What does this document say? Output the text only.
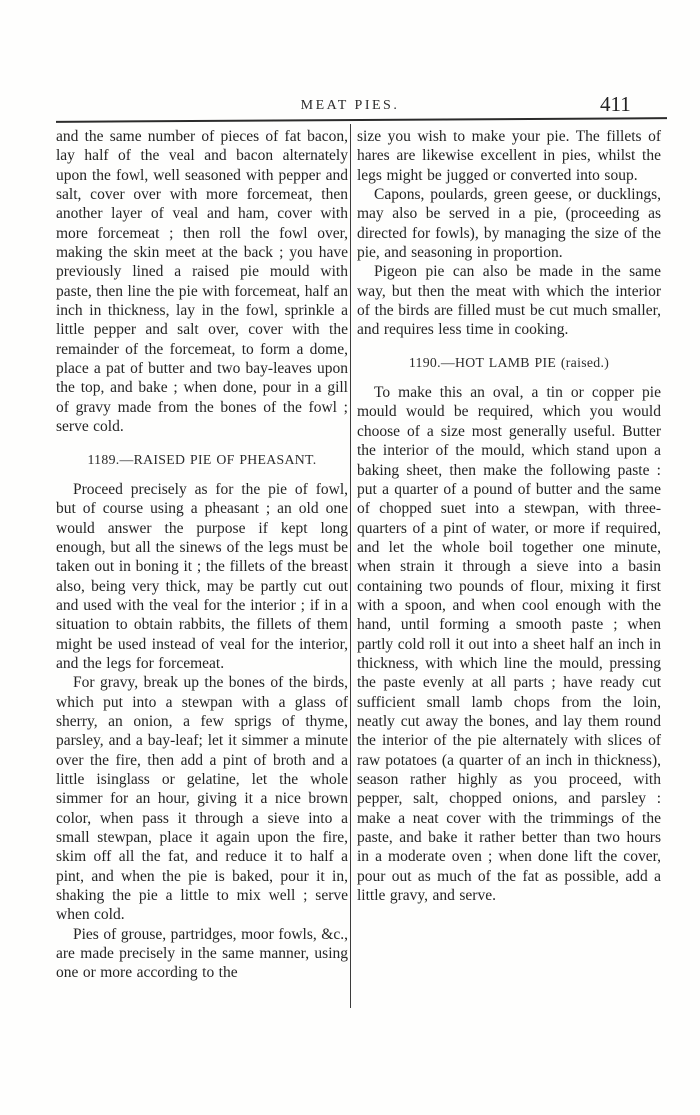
MEAT PIES.	411

and the same number of pieces of fat bacon, lay half of the veal and bacon alternately upon the fowl, well seasoned with pepper and salt, cover over with more forcemeat, then another layer of veal and ham, cover with more forcemeat ; then roll the fowl over, making the skin meet at the back ; you have previously lined a raised pie mould with paste, then line the pie with forcemeat, half an inch in thickness, lay in the fowl, sprinkle a little pepper and salt over, cover with the remainder of the forcemeat, to form a dome, place a pat of butter and two bay-leaves upon the top, and bake ; when done, pour in a gill of gravy made from the bones of the fowl ; serve cold.

1189.—RAISED PIE OF PHEASANT.

Proceed precisely as for the pie of fowl, but of course using a pheasant ; an old one would answer the purpose if kept long enough, but all the sinews of the legs must be taken out in boning it ; the fillets of the breast also, being very thick, may be partly cut out and used with the veal for the interior ; if in a situation to obtain rabbits, the fillets of them might be used instead of veal for the interior, and the legs for forcemeat.

For gravy, break up the bones of the birds, which put into a stewpan with a glass of sherry, an onion, a few sprigs of thyme, parsley, and a bay-leaf; let it simmer a minute over the fire, then add a pint of broth and a little isinglass or gelatine, let the whole simmer for an hour, giving it a nice brown color, when pass it through a sieve into a small stewpan, place it again upon the fire, skim off all the fat, and reduce it to half a pint, and when the pie is baked, pour it in, shaking the pie a little to mix well ; serve when cold.

Pies of grouse, partridges, moor fowls, &c., are made precisely in the same manner, using one or more according to the

size you wish to make your pie. The fillets of hares are likewise excellent in pies, whilst the legs might be jugged or converted into soup.

Capons, poulards, green geese, or ducklings, may also be served in a pie, (proceeding as directed for fowls), by managing the size of the pie, and seasoning in proportion.

Pigeon pie can also be made in the same way, but then the meat with which the interior of the birds are filled must be cut much smaller, and requires less time in cooking.

1190.—HOT LAMB PIE (raised.)

To make this an oval, a tin or copper pie mould would be required, which you would choose of a size most generally useful. Butter the interior of the mould, which stand upon a baking sheet, then make the following paste : put a quarter of a pound of butter and the same of chopped suet into a stewpan, with three-quarters of a pint of water, or more if required, and let the whole boil together one minute, when strain it through a sieve into a basin containing two pounds of flour, mixing it first with a spoon, and when cool enough with the hand, until forming a smooth paste ; when partly cold roll it out into a sheet half an inch in thickness, with which line the mould, pressing the paste evenly at all parts ; have ready cut sufficient small lamb chops from the loin, neatly cut away the bones, and lay them round the interior of the pie alternately with slices of raw potatoes (a quarter of an inch in thickness), season rather highly as you proceed, with pepper, salt, chopped onions, and parsley : make a neat cover with the trimmings of the paste, and bake it rather better than two hours in a moderate oven ; when done lift the cover, pour out as much of the fat as possible, add a little gravy, and serve.
